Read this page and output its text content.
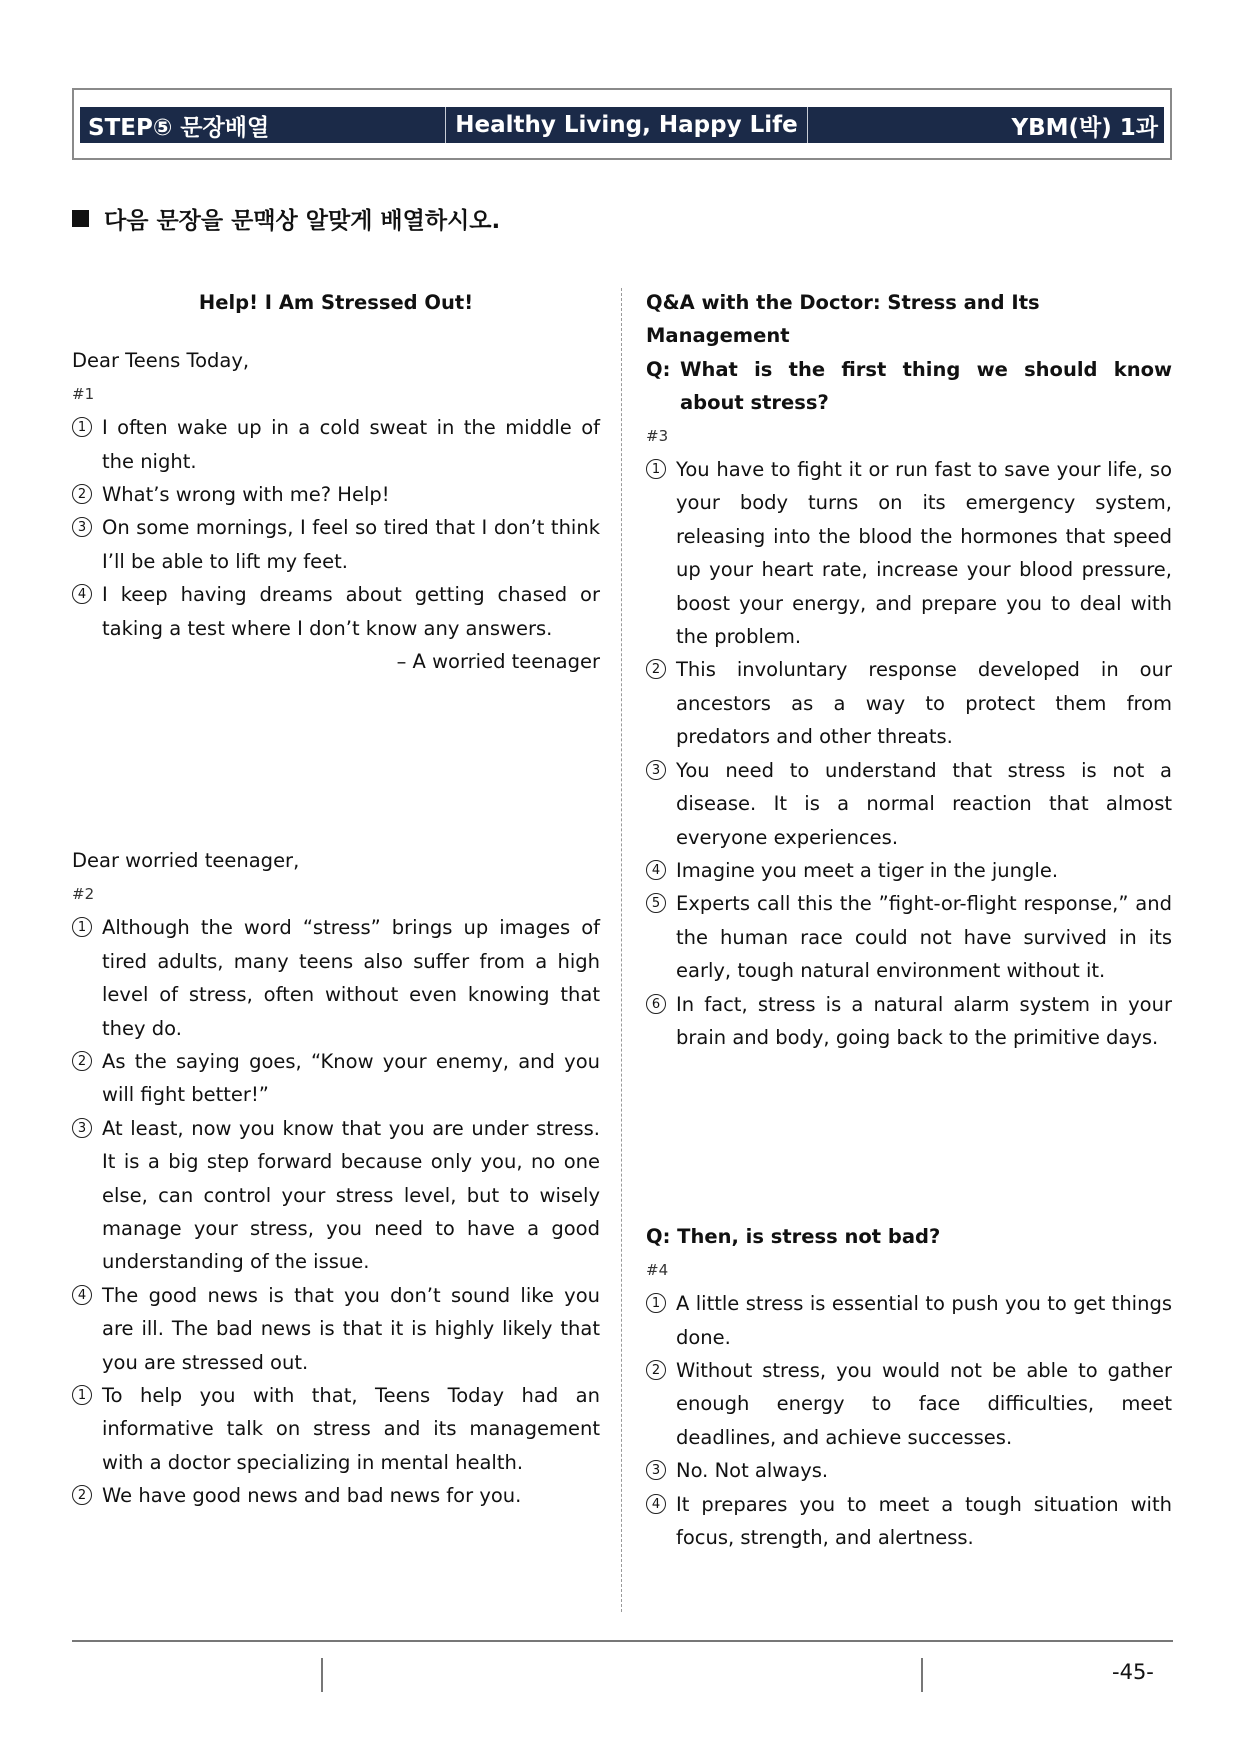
STEP⑤ 문장배열	Healthy Living, Happy Life	YBM(박) 1과
다음 문장을 문맥상 알맞게 배열하시오.
Help! I Am Stressed Out!
Dear Teens Today,
#1
1 I often wake up in a cold sweat in the middle of the night.
2 What’s wrong with me? Help!
3 On some mornings, I feel so tired that I don’t think I’ll be able to lift my feet.
4 I keep having dreams about getting chased or taking a test where I don’t know any answers.
– A worried teenager
Dear worried teenager,
#2
1 Although the word “stress” brings up images of tired adults, many teens also suffer from a high level of stress, often without even knowing that they do.
2 As the saying goes, “Know your enemy, and you will fight better!”
3 At least, now you know that you are under stress. It is a big step forward because only you, no one else, can control your stress level, but to wisely manage your stress, you need to have a good understanding of the issue.
4 The good news is that you don’t sound like you are ill. The bad news is that it is highly likely that you are stressed out.
1 To help you with that, Teens Today had an informative talk on stress and its management with a doctor specializing in mental health.
2 We have good news and bad news for you.
Q&A with the Doctor: Stress and Its Management
Q: What is the first thing we should know about stress?
#3
1 You have to fight it or run fast to save your life, so your body turns on its emergency system, releasing into the blood the hormones that speed up your heart rate, increase your blood pressure, boost your energy, and prepare you to deal with the problem.
2 This involuntary response developed in our ancestors as a way to protect them from predators and other threats.
3 You need to understand that stress is not a disease. It is a normal reaction that almost everyone experiences.
4 Imagine you meet a tiger in the jungle.
5 Experts call this the ”fight-or-flight response,” and the human race could not have survived in its early, tough natural environment without it.
6 In fact, stress is a natural alarm system in your brain and body, going back to the primitive days.
Q: Then, is stress not bad?
#4
1 A little stress is essential to push you to get things done.
2 Without stress, you would not be able to gather enough energy to face difficulties, meet deadlines, and achieve successes.
3 No. Not always.
4 It prepares you to meet a tough situation with focus, strength, and alertness.
-45-
